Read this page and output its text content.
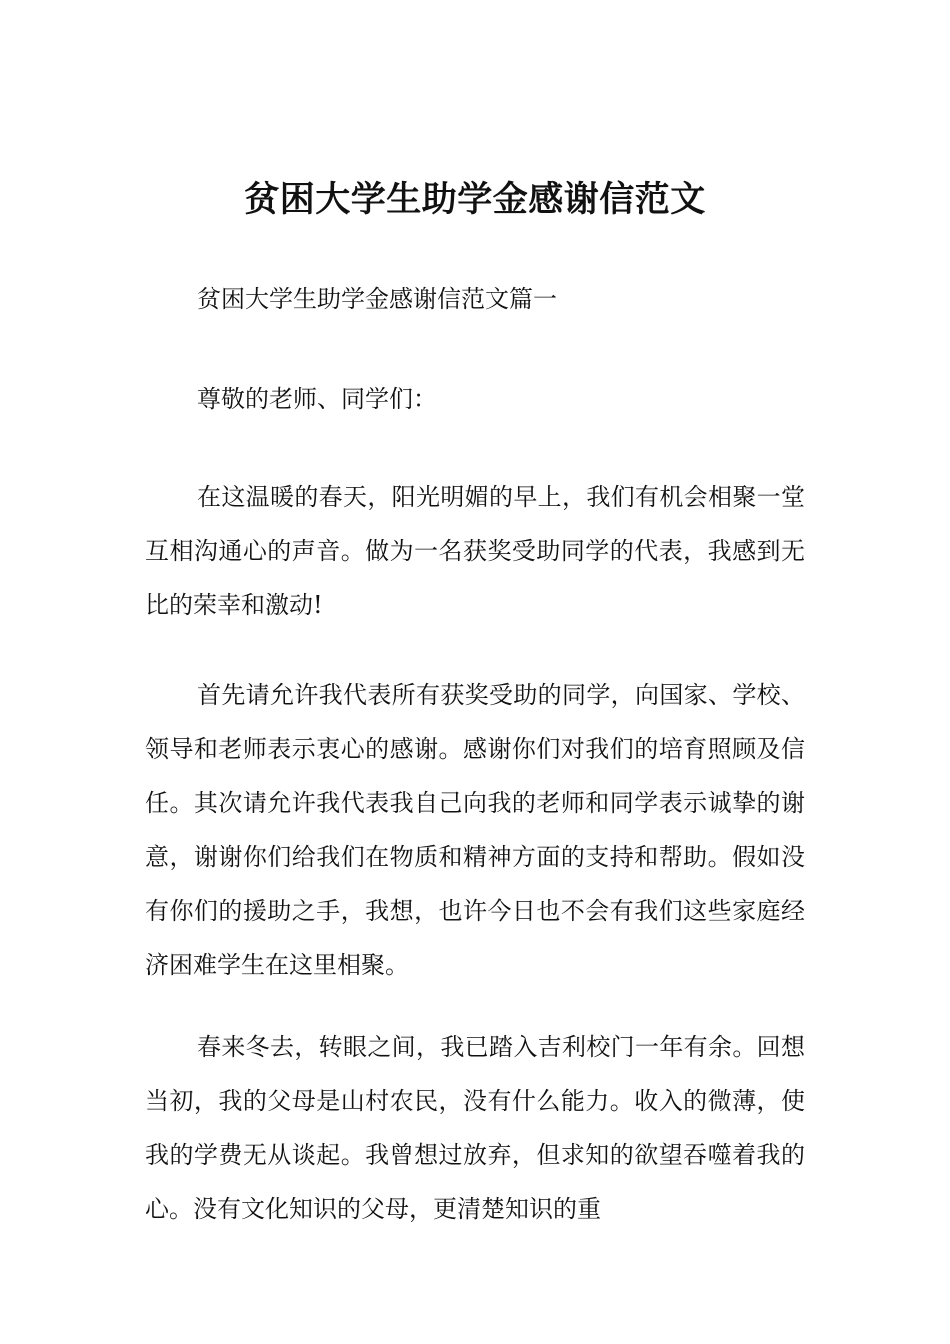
贫困大学生助学金感谢信范文

贫困大学生助学金感谢信范文篇一

尊敬的老师、同学们：

在这温暖的春天，阳光明媚的早上，我们有机会相聚一堂互相沟通心的声音。做为一名获奖受助同学的代表，我感到无比的荣幸和激动!

首先请允许我代表所有获奖受助的同学，向国家、学校、领导和老师表示衷心的感谢。感谢你们对我们的培育照顾及信任。其次请允许我代表我自己向我的老师和同学表示诚挚的谢意，谢谢你们给我们在物质和精神方面的支持和帮助。假如没有你们的援助之手，我想，也许今日也不会有我们这些家庭经济困难学生在这里相聚。

春来冬去，转眼之间，我已踏入吉利校门一年有余。回想当初，我的父母是山村农民，没有什么能力。收入的微薄，使我的学费无从谈起。我曾想过放弃，但求知的欲望吞噬着我的心。没有文化知识的父母，更清楚知识的重
